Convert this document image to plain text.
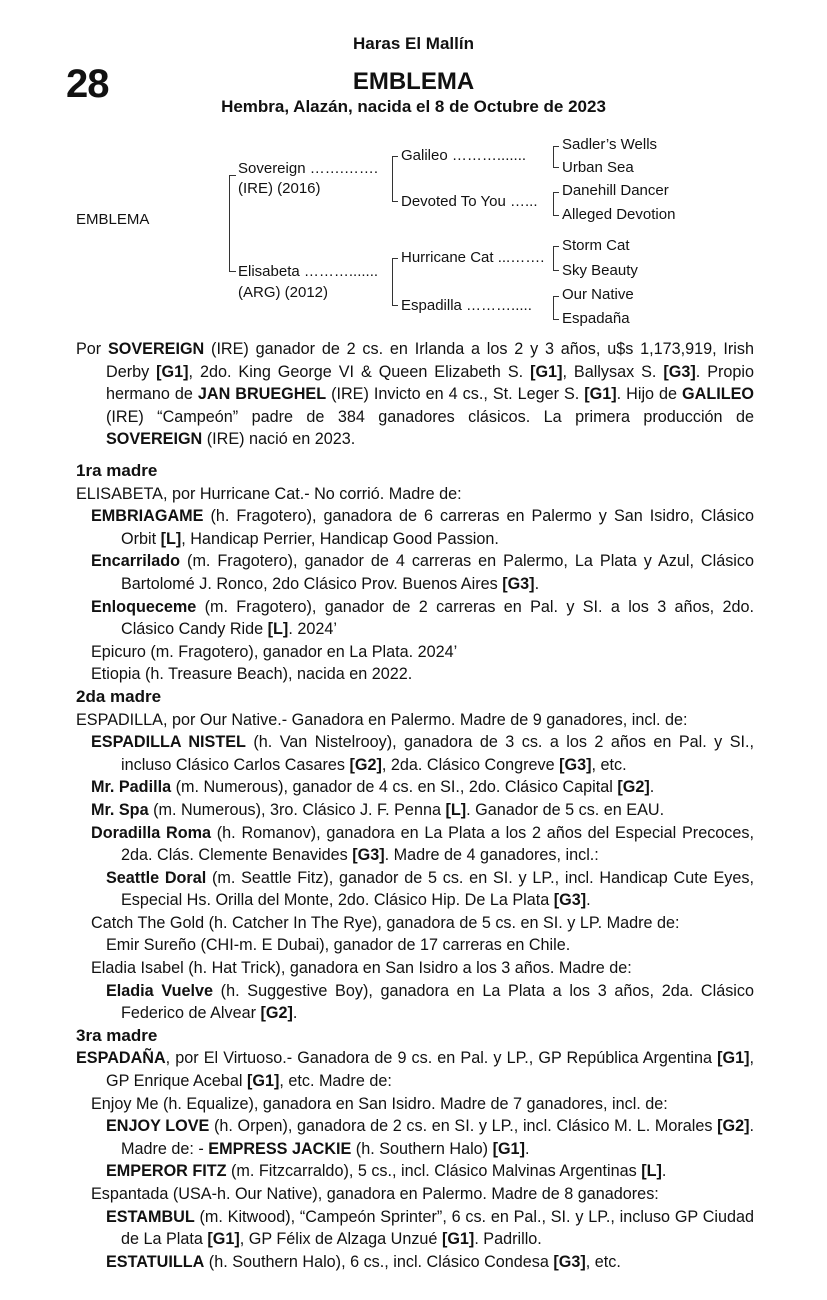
Haras El Mallín
28	EMBLEMA
Hembra, Alazán, nacida el 8 de Octubre de 2023
EMBLEMA
Sovereign …….…….
(IRE) (2016)
Elisabeta ……….......
(ARG) (2012)
Galileo ……….......
Devoted To You …...
Hurricane Cat ...…….
Espadilla ……….....
Sadler’s Wells
Urban Sea
Danehill Dancer
Alleged Devotion
Storm Cat
Sky Beauty
Our Native
Espadaña

Por SOVEREIGN (IRE) ganador de 2 cs. en Irlanda a los 2 y 3 años, u$s 1,173,919, Irish Derby [G1], 2do. King George VI & Queen Elizabeth S. [G1], Ballysax S. [G3]. Propio hermano de JAN BRUEGHEL (IRE) Invicto en 4 cs., St. Leger S. [G1]. Hijo de GALILEO (IRE) “Campeón” padre de 384 ganadores clásicos. La primera producción de SOVEREIGN (IRE) nació en 2023.

1ra madre

ELISABETA, por Hurricane Cat.- No corrió. Madre de:

EMBRIAGAME (h. Fragotero), ganadora de 6 carreras en Palermo y San Isidro, Clásico Orbit [L], Handicap Perrier, Handicap Good Passion.

Encarrilado (m. Fragotero), ganador de 4 carreras en Palermo, La Plata y Azul, Clásico Bartolomé J. Ronco, 2do Clásico Prov. Buenos Aires [G3].

Enloqueceme (m. Fragotero), ganador de 2 carreras en Pal. y SI. a los 3 años, 2do. Clásico Candy Ride [L]. 2024’

Epicuro (m. Fragotero), ganador en La Plata. 2024’

Etiopia (h. Treasure Beach), nacida en 2022.

2da madre

ESPADILLA, por Our Native.- Ganadora en Palermo. Madre de 9 ganadores, incl. de:

ESPADILLA NISTEL (h. Van Nistelrooy), ganadora de 3 cs. a los 2 años en Pal. y SI., incluso Clásico Carlos Casares [G2], 2da. Clásico Congreve [G3], etc.

Mr. Padilla (m. Numerous), ganador de 4 cs. en SI., 2do. Clásico Capital [G2].

Mr. Spa (m. Numerous), 3ro. Clásico J. F. Penna [L]. Ganador de 5 cs. en EAU.

Doradilla Roma (h. Romanov), ganadora en La Plata a los 2 años del Especial Precoces, 2da. Clás. Clemente Benavides [G3]. Madre de 4 ganadores, incl.:

Seattle Doral (m. Seattle Fitz), ganador de 5 cs. en SI. y LP., incl. Handicap Cute Eyes, Especial Hs. Orilla del Monte, 2do. Clásico Hip. De La Plata [G3].

Catch The Gold (h. Catcher In The Rye), ganadora de 5 cs. en SI. y LP. Madre de:

Emir Sureño (CHI-m. E Dubai), ganador de 17 carreras en Chile.

Eladia Isabel (h. Hat Trick), ganadora en San Isidro a los 3 años. Madre de:

Eladia Vuelve (h. Suggestive Boy), ganadora en La Plata a los 3 años, 2da. Clásico Federico de Alvear [G2].

3ra madre

ESPADAÑA, por El Virtuoso.- Ganadora de 9 cs. en Pal. y LP., GP República Argentina [G1], GP Enrique Acebal [G1], etc. Madre de:

Enjoy Me (h. Equalize), ganadora en San Isidro. Madre de 7 ganadores, incl. de:

ENJOY LOVE (h. Orpen), ganadora de 2 cs. en SI. y LP., incl. Clásico M. L. Morales [G2]. Madre de: - EMPRESS JACKIE (h. Southern Halo) [G1].

EMPEROR FITZ (m. Fitzcarraldo), 5 cs., incl. Clásico Malvinas Argentinas [L].

Espantada (USA-h. Our Native), ganadora en Palermo. Madre de 8 ganadores:

ESTAMBUL (m. Kitwood), “Campeón Sprinter”, 6 cs. en Pal., SI. y LP., incluso GP Ciudad de La Plata [G1], GP Félix de Alzaga Unzué [G1]. Padrillo.

ESTATUILLA (h. Southern Halo), 6 cs., incl. Clásico Condesa [G3], etc.
